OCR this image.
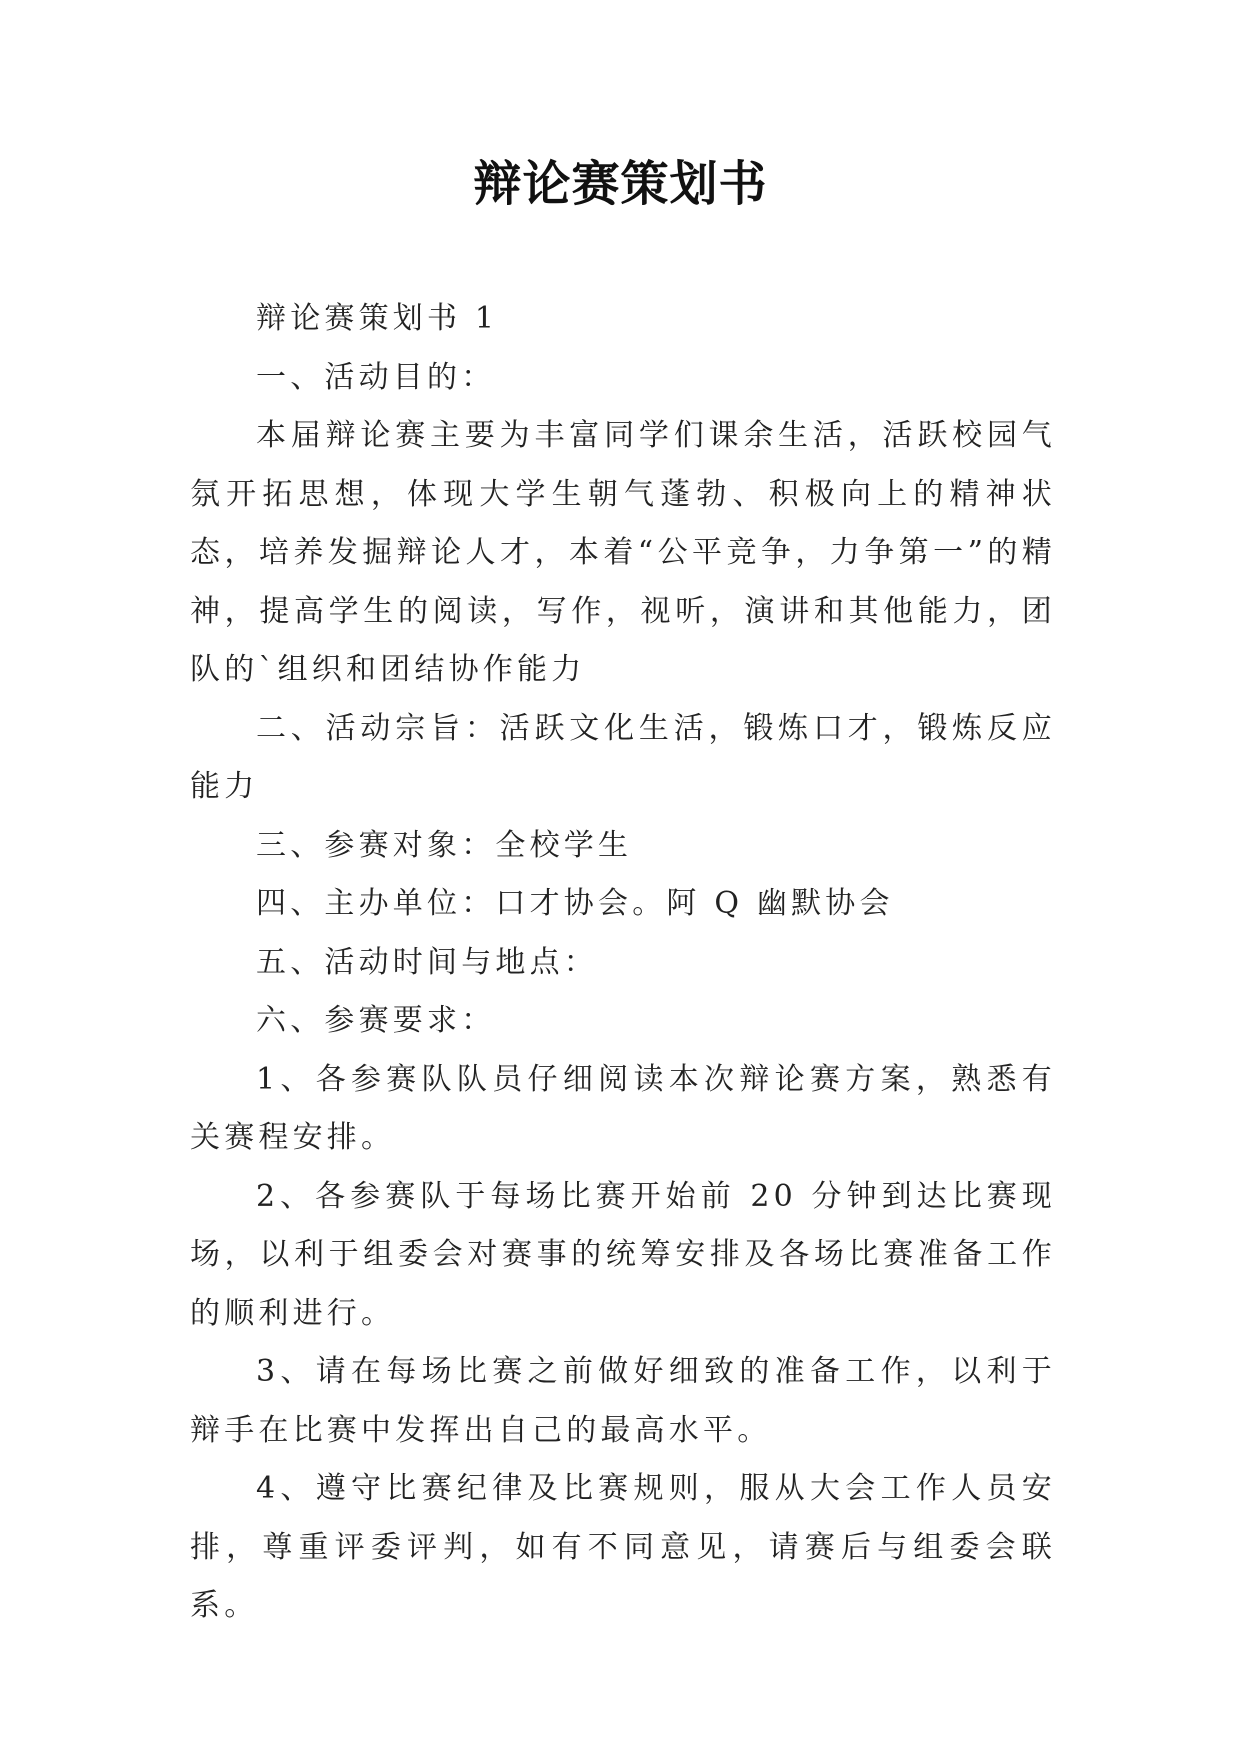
辩论赛策划书

辩论赛策划书 1

一、活动目的：

本届辩论赛主要为丰富同学们课余生活，活跃校园气氛开拓思想，体现大学生朝气蓬勃、积极向上的精神状态，培养发掘辩论人才，本着“公平竞争，力争第一”的精神，提高学生的阅读，写作，视听，演讲和其他能力，团队的`组织和团结协作能力

二、活动宗旨：活跃文化生活，锻炼口才，锻炼反应能力

三、参赛对象：全校学生

四、主办单位：口才协会。阿 Q 幽默协会

五、活动时间与地点：

六、参赛要求：

1、各参赛队队员仔细阅读本次辩论赛方案，熟悉有关赛程安排。

2、各参赛队于每场比赛开始前 20 分钟到达比赛现场，以利于组委会对赛事的统筹安排及各场比赛准备工作的顺利进行。

3、请在每场比赛之前做好细致的准备工作，以利于辩手在比赛中发挥出自己的最高水平。

4、遵守比赛纪律及比赛规则，服从大会工作人员安排，尊重评委评判，如有不同意见，请赛后与组委会联系。
